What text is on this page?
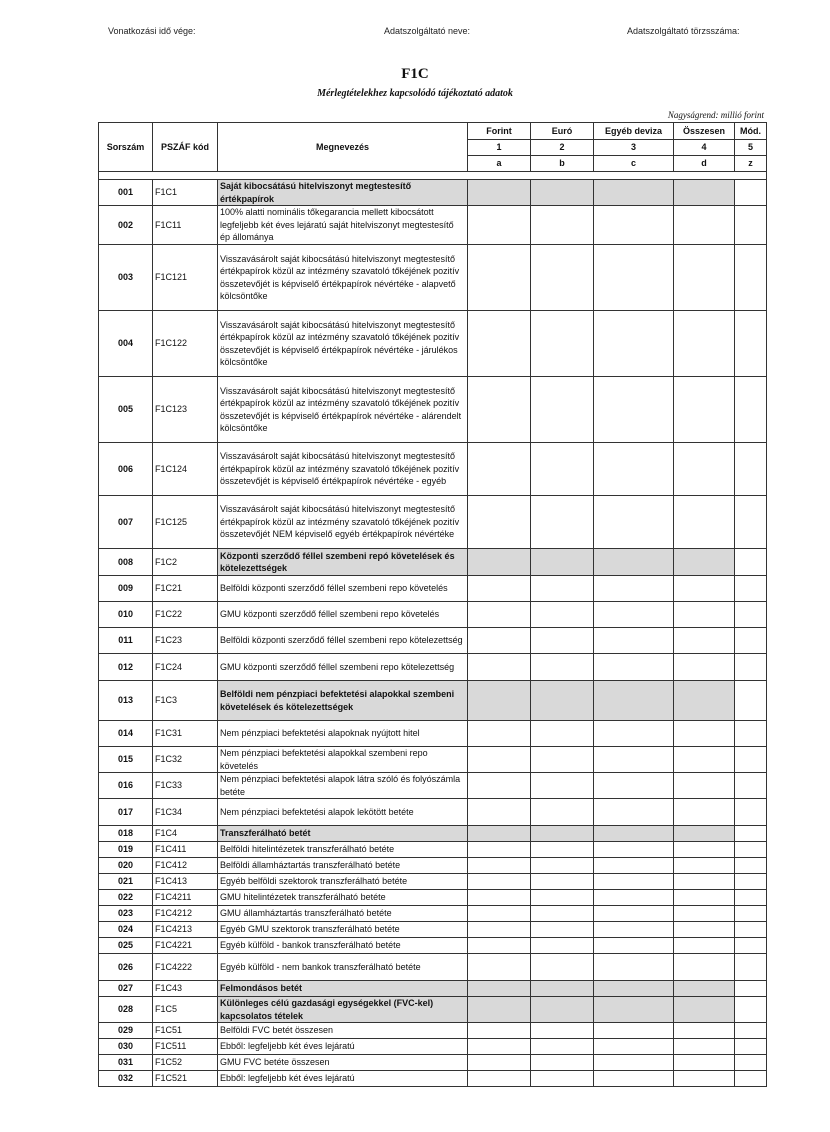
Vonatkozási idő vége:	Adatszolgáltató neve:	Adatszolgáltató törzsszáma:
F1C
Mérlegtételekhez kapcsolódó tájékoztató adatok
Nagyságrend: millió forint
Sorszám	PSZÁF kód	Megnevezés	Forint	Euró	Egyéb deviza	Összesen	Mód.
			1	2	3	4	5
			a	b	c	d	z

001	F1C1	Saját kibocsátású hitelviszonyt megtestesítő értékpapírok					
002	F1C11	100% alatti nominális tőkegarancia mellett kibocsátott legfeljebb két éves lejáratú saját hitelviszonyt megtestesítő ép állománya					
003	F1C121	Visszavásárolt saját kibocsátású hitelviszonyt megtestesítő értékpapírok közül az intézmény szavatoló tőkéjének pozitív összetevőjét is képviselő értékpapírok névértéke - alapvető kölcsöntőke					
004	F1C122	Visszavásárolt saját kibocsátású hitelviszonyt megtestesítő értékpapírok közül az intézmény szavatoló tőkéjének pozitív összetevőjét is képviselő értékpapírok névértéke - járulékos kölcsöntőke					
005	F1C123	Visszavásárolt saját kibocsátású hitelviszonyt megtestesítő értékpapírok közül az intézmény szavatoló tőkéjének pozitív összetevőjét is képviselő értékpapírok névértéke - alárendelt kölcsöntőke					
006	F1C124	Visszavásárolt saját kibocsátású hitelviszonyt megtestesítő értékpapírok közül az intézmény szavatoló tőkéjének pozitív összetevőjét is képviselő értékpapírok névértéke - egyéb					
007	F1C125	Visszavásárolt saját kibocsátású hitelviszonyt megtestesítő értékpapírok közül az intézmény szavatoló tőkéjének pozitív összetevőjét NEM képviselő egyéb értékpapírok névértéke					
008	F1C2	Központi szerződő féllel szembeni repó követelések és kötelezettségek					
009	F1C21	Belföldi központi szerződő féllel szembeni repo követelés					
010	F1C22	GMU központi szerződő féllel szembeni repo követelés					
011	F1C23	Belföldi központi szerződő féllel szembeni repo kötelezettség					
012	F1C24	GMU központi szerződő féllel szembeni repo kötelezettség					
013	F1C3	Belföldi nem pénzpiaci befektetési alapokkal szembeni követelések és kötelezettségek					
014	F1C31	Nem pénzpiaci befektetési alapoknak nyújtott hitel					
015	F1C32	Nem pénzpiaci befektetési alapokkal szembeni repo követelés					
016	F1C33	Nem pénzpiaci befektetési alapok látra szóló és folyószámla betéte					
017	F1C34	Nem pénzpiaci befektetési alapok lekötött betéte					
018	F1C4	Transzferálható betét					
019	F1C411	Belföldi hitelintézetek transzferálható betéte					
020	F1C412	Belföldi államháztartás transzferálható betéte					
021	F1C413	Egyéb belföldi szektorok transzferálható betéte					
022	F1C4211	GMU hitelintézetek transzferálható betéte					
023	F1C4212	GMU államháztartás transzferálható betéte					
024	F1C4213	Egyéb GMU szektorok transzferálható betéte					
025	F1C4221	Egyéb külföld - bankok transzferálható betéte					
026	F1C4222	Egyéb külföld - nem bankok transzferálható betéte					
027	F1C43	Felmondásos betét					
028	F1C5	Különleges célú gazdasági egységekkel (FVC-kel) kapcsolatos tételek					
029	F1C51	Belföldi FVC betét összesen					
030	F1C511	Ebből: legfeljebb két éves lejáratú					
031	F1C52	GMU FVC betéte összesen					
032	F1C521	Ebből: legfeljebb két éves lejáratú					
